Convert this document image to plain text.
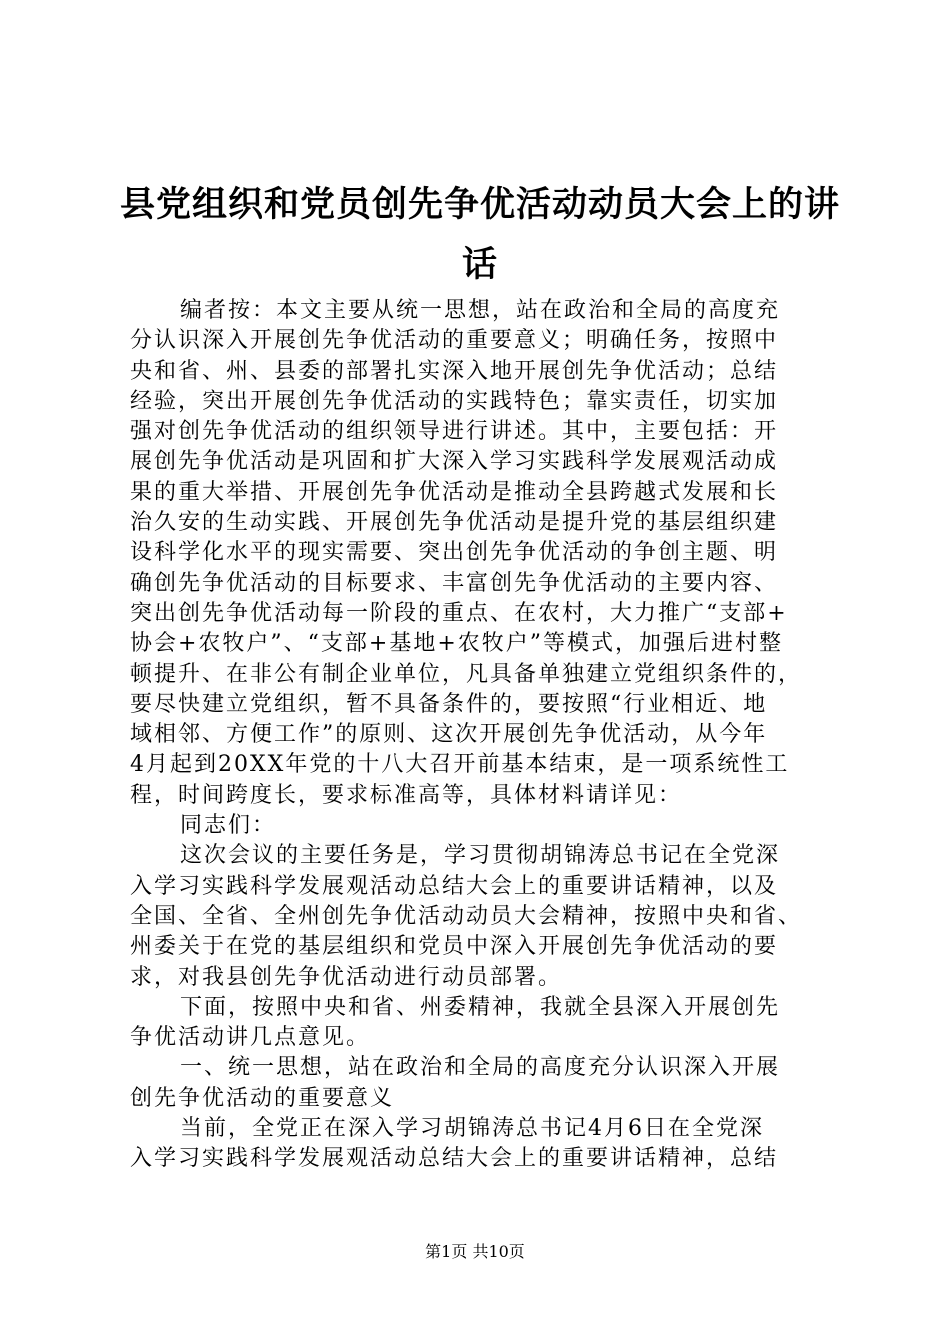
县党组织和党员创先争优活动动员大会上的讲
话
编者按：本文主要从统一思想，站在政治和全局的高度充
分认识深入开展创先争优活动的重要意义；明确任务，按照中
央和省、州、县委的部署扎实深入地开展创先争优活动；总结
经验，突出开展创先争优活动的实践特色；靠实责任，切实加
强对创先争优活动的组织领导进行讲述。其中，主要包括：开
展创先争优活动是巩固和扩大深入学习实践科学发展观活动成
果的重大举措、开展创先争优活动是推动全县跨越式发展和长
治久安的生动实践、开展创先争优活动是提升党的基层组织建
设科学化水平的现实需要、突出创先争优活动的争创主题、明
确创先争优活动的目标要求、丰富创先争优活动的主要内容、
突出创先争优活动每一阶段的重点、在农村，大力推广“支部+
协会+农牧户”、“支部+基地+农牧户”等模式，加强后进村整
顿提升、在非公有制企业单位，凡具备单独建立党组织条件的，
要尽快建立党组织，暂不具备条件的，要按照“行业相近、地
域相邻、方便工作”的原则、这次开展创先争优活动，从今年
4月起到20XX年党的十八大召开前基本结束，是一项系统性工
程，时间跨度长，要求标准高等，具体材料请详见：
同志们：
这次会议的主要任务是，学习贯彻胡锦涛总书记在全党深
入学习实践科学发展观活动总结大会上的重要讲话精神，以及
全国、全省、全州创先争优活动动员大会精神，按照中央和省、
州委关于在党的基层组织和党员中深入开展创先争优活动的要
求，对我县创先争优活动进行动员部署。
下面，按照中央和省、州委精神，我就全县深入开展创先
争优活动讲几点意见。
一、统一思想，站在政治和全局的高度充分认识深入开展
创先争优活动的重要意义
当前，全党正在深入学习胡锦涛总书记4月6日在全党深
入学习实践科学发展观活动总结大会上的重要讲话精神，总结
第1页 共10页
